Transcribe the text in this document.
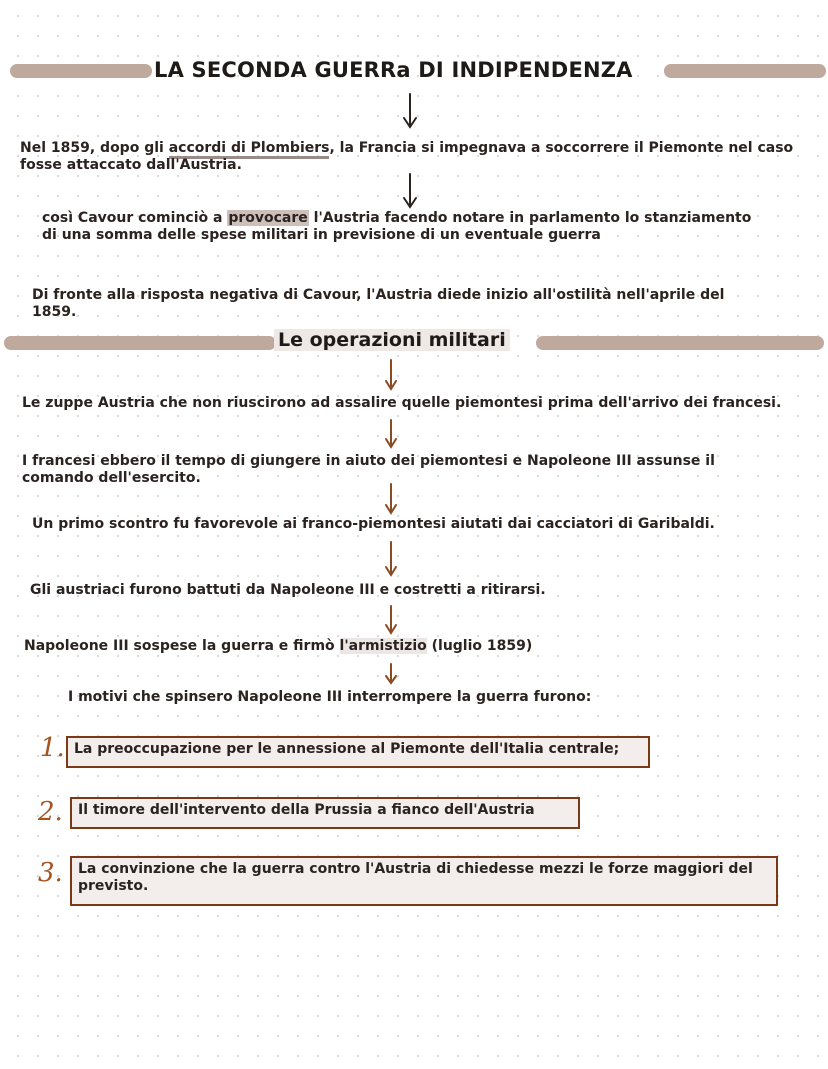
LA SECONDA GUERRa DI INDIPENDENZA
Nel 1859, dopo gli accordi di Plombiers, la Francia si impegnava a soccorrere il Piemonte nel caso fosse attaccato dall'Austria.
così Cavour cominciò a provocare l'Austria facendo notare in parlamento lo stanziamento di una somma delle spese militari in previsione di un eventuale guerra
Di fronte alla risposta negativa di Cavour, l'Austria diede inizio all'ostilità nell'aprile del 1859.
Le operazioni militari
Le zuppe Austria che non riuscirono ad assalire quelle piemontesi prima dell'arrivo dei francesi.
I francesi ebbero il tempo di giungere in aiuto dei piemontesi e Napoleone III assunse il comando dell'esercito.
Un primo scontro fu favorevole ai franco-piemontesi aiutati dai cacciatori di Garibaldi.
Gli austriaci furono battuti da Napoleone III e costretti a ritirarsi.
Napoleone III sospese la guerra e firmò l'armistizio (luglio 1859)
I motivi che spinsero Napoleone III interrompere la guerra furono:
1. La preoccupazione per le annessione al Piemonte dell'Italia centrale;
2.	Il timore dell'intervento della Prussia a fianco dell'Austria
3.	La convinzione che la guerra contro l'Austria di chiedesse mezzi le forze maggiori del previsto.
